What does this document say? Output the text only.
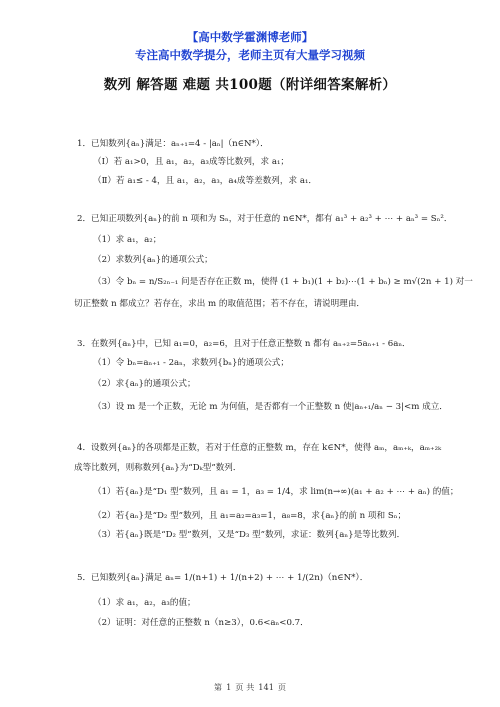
【高中数学霍渊博老师】
专注高中数学提分，老师主页有大量学习视频
数列 解答题 难题 共100题（附详细答案解析）
1．已知数列{aₙ}满足：aₙ₊₁=4 - |aₙ|（n∈N*）．
（Ⅰ）若 a₁>0，且 a₁，a₂，a₃成等比数列，求 a₁；
（Ⅱ）若 a₁≤ - 4，且 a₁，a₂，a₃，a₄成等差数列，求 a₁．
2．已知正项数列{aₙ}的前 n 项和为 Sₙ，对于任意的 n∈N*，都有 a₁³ + a₂³ + ⋯ + aₙ³ = Sₙ²．
（1）求 a₁，a₂；
（2）求数列{aₙ}的通项公式；
（3）令 bₙ = n/S₂ₙ₋₁ 问是否存在正数 m，使得 (1 + b₁)(1 + b₂)⋯(1 + bₙ) ≥ m√(2n + 1) 对一
切正整数 n 都成立？若存在，求出 m 的取值范围；若不存在，请说明理由．
3．在数列{aₙ}中，已知 a₁=0，a₂=6，且对于任意正整数 n 都有 aₙ₊₂=5aₙ₊₁ - 6aₙ．
（1）令 bₙ=aₙ₊₁ - 2aₙ，求数列{bₙ}的通项公式；
（2）求{aₙ}的通项公式；
（3）设 m 是一个正数，无论 m 为何值，是否都有一个正整数 n 使|aₙ₊₁/aₙ − 3|<m 成立．
4．设数列{aₙ}的各项都是正数，若对于任意的正整数 m，存在 k∈N*，使得 aₘ，aₘ₊ₖ，aₘ₊₂ₖ
成等比数列，则称数列{aₙ}为“Dₖ型”数列．
（1）若{aₙ}是“D₁ 型”数列，且 a₁ = 1，a₃ = 1/4，求 lim(n→∞)(a₁ + a₂ + ⋯ + aₙ) 的值；
（2）若{aₙ}是“D₂ 型”数列，且 a₁=a₂=a₃=1，a₈=8，求{aₙ}的前 n 项和 Sₙ；
（3）若{aₙ}既是“D₂ 型”数列，又是“D₃ 型”数列，求证：数列{aₙ}是等比数列．
5．已知数列{aₙ}满足 aₙ= 1/(n+1) + 1/(n+2) + ⋯ + 1/(2n)（n∈N*）．
（1）求 a₁，a₂，a₃的值；
（2）证明：对任意的正整数 n（n≥3），0.6<aₙ<0.7．
第 1 页 共 141 页
